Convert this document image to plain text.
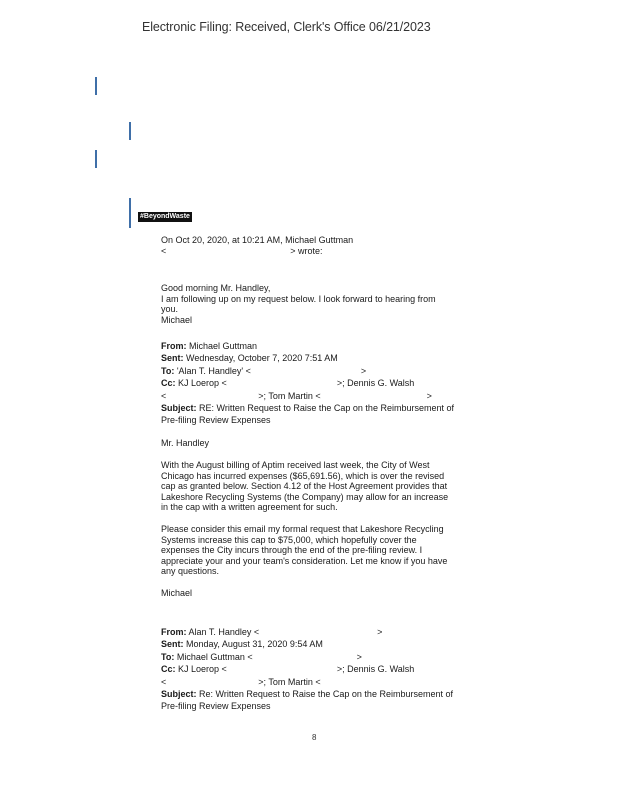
Electronic Filing: Received, Clerk's Office 06/21/2023
#BeyondWaste

On Oct 20, 2020, at 10:21 AM, Michael Guttman

<	> wrote:

Good morning Mr. Handley,

I am following up on my request below. I look forward to hearing from

you.

Michael

From: Michael Guttman

Sent: Wednesday, October 7, 2020 7:51 AM

To: 'Alan T. Handley' <	>

Cc: KJ Loerop <	>; Dennis G. Walsh

<	>; Tom Martin <	>

Subject: RE: Written Request to Raise the Cap on the Reimbursement of

Pre-filing Review Expenses

Mr. Handley

With the August billing of Aptim received last week, the City of West

Chicago has incurred expenses ($65,691.56), which is over the revised

cap as granted below. Section 4.12 of the Host Agreement provides that

Lakeshore Recycling Systems (the Company) may allow for an increase

in the cap with a written agreement for such.

Please consider this email my formal request that Lakeshore Recycling

Systems increase this cap to $75,000, which hopefully cover the

expenses the City incurs through the end of the pre-filing review. I

appreciate your and your team's consideration. Let me know if you have

any questions.

Michael

From: Alan T. Handley <	>

Sent: Monday, August 31, 2020 9:54 AM

To: Michael Guttman <	>

Cc: KJ Loerop <	>; Dennis G. Walsh

<	>; Tom Martin <

Subject: Re: Written Request to Raise the Cap on the Reimbursement of

Pre-filing Review Expenses

8
